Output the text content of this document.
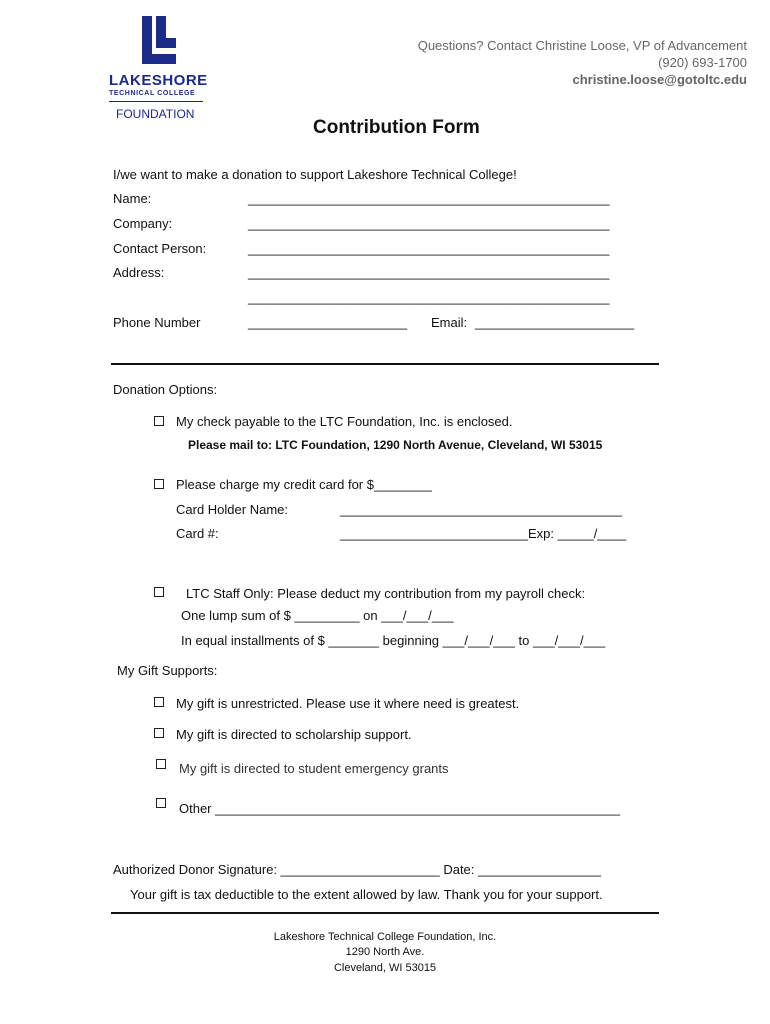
LAKESHORE
TECHNICAL COLLEGE
FOUNDATION
Questions? Contact Christine Loose, VP of Advancement
(920) 693-1700
christine.loose@gotoltc.edu
Contribution Form
I/we want to make a donation to support Lakeshore Technical College!
Name:	__________________________________________________
Company:	__________________________________________________
Contact Person:	__________________________________________________
Address:	__________________________________________________
__________________________________________________
Phone Number	______________________ Email: ______________________
Donation Options:
My check payable to the LTC Foundation, Inc. is enclosed.
Please mail to: LTC Foundation, 1290 North Avenue, Cleveland, WI 53015
Please charge my credit card for $________
Card Holder Name:	_______________________________________
Card #:	__________________________Exp: _____/____
LTC Staff Only: Please deduct my contribution from my payroll check:
One lump sum of $ _________ on ___/___/___
In equal installments of $ _______ beginning ___/___/___ to ___/___/___
My Gift Supports:
My gift is unrestricted. Please use it where need is greatest.
My gift is directed to scholarship support.
My gift is directed to student emergency grants
Other ________________________________________________________
Authorized Donor Signature: ______________________ Date: _________________
Your gift is tax deductible to the extent allowed by law. Thank you for your support.
Lakeshore Technical College Foundation, Inc.
1290 North Ave.
Cleveland, WI 53015
